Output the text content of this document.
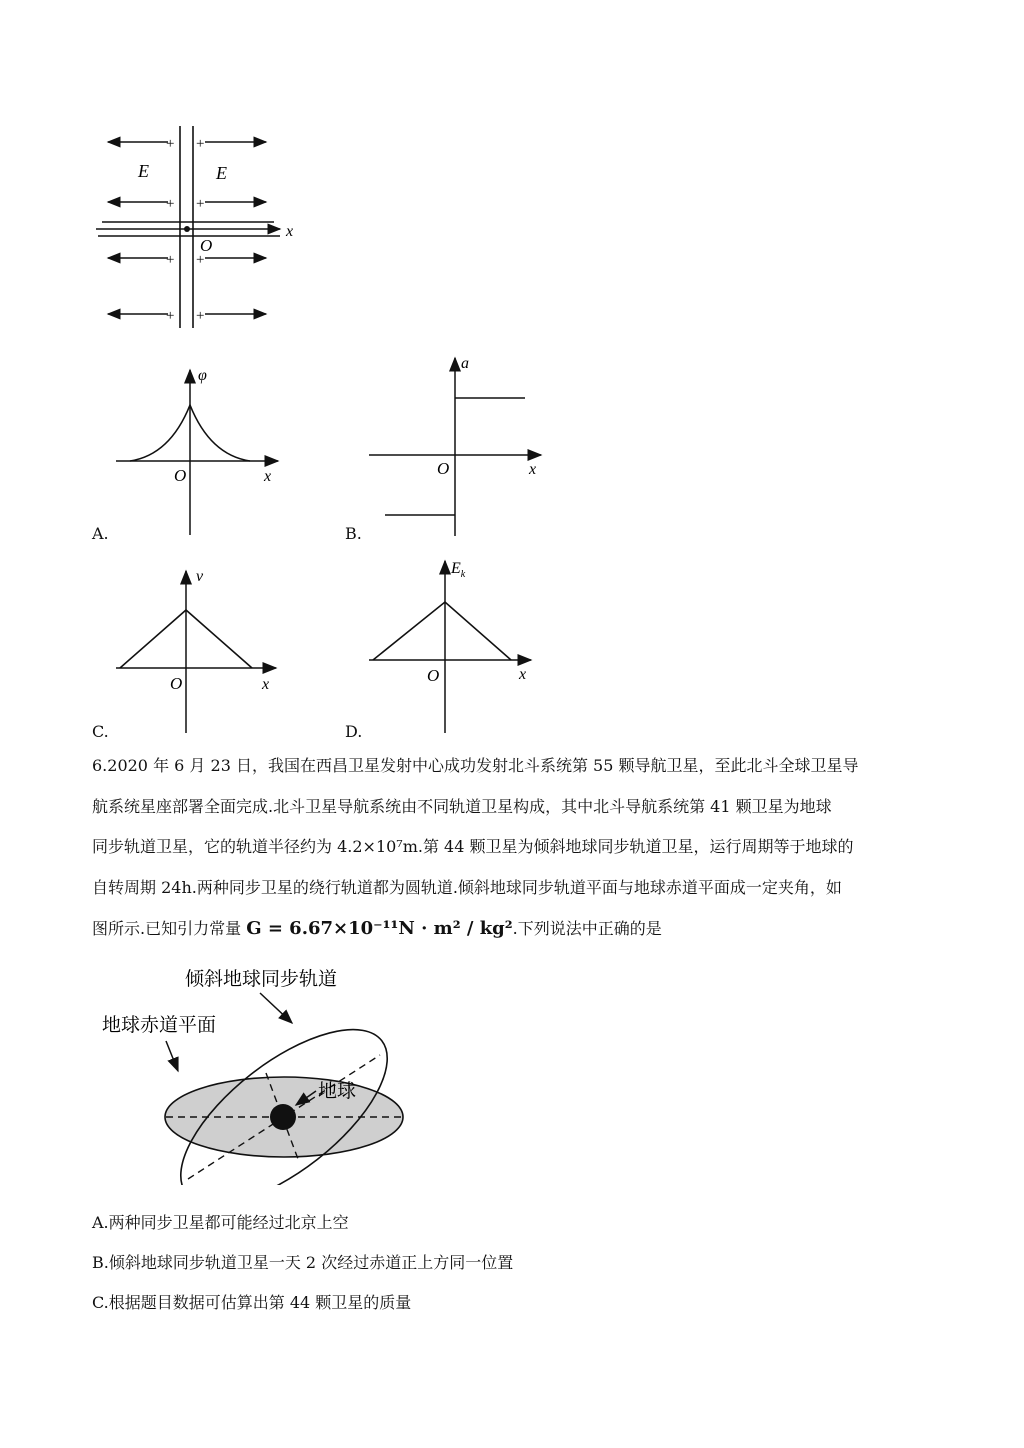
+ +
+ +
+ +
+ +
E	E
O
x
φ
O	x
A.
a
O	x
B.
v
O	x
C.
$E_k$
O	x
D.
6.2020 年 6 月 23 日，我国在西昌卫星发射中心成功发射北斗系统第 55 颗导航卫星，至此北斗全球卫星导
航系统星座部署全面完成.北斗卫星导航系统由不同轨道卫星构成，其中北斗导航系统第 41 颗卫星为地球
同步轨道卫星，它的轨道半径约为 4.2×10⁷m.第 44 颗卫星为倾斜地球同步轨道卫星，运行周期等于地球的
自转周期 24h.两种同步卫星的绕行轨道都为圆轨道.倾斜地球同步轨道平面与地球赤道平面成一定夹角，如
图所示.已知引力常量 G = 6.67×10⁻¹¹N · m² / kg².下列说法中正确的是
倾斜地球同步轨道
地球赤道平面
地球
A.两种同步卫星都可能经过北京上空
B.倾斜地球同步轨道卫星一天 2 次经过赤道正上方同一位置
C.根据题目数据可估算出第 44 颗卫星的质量
